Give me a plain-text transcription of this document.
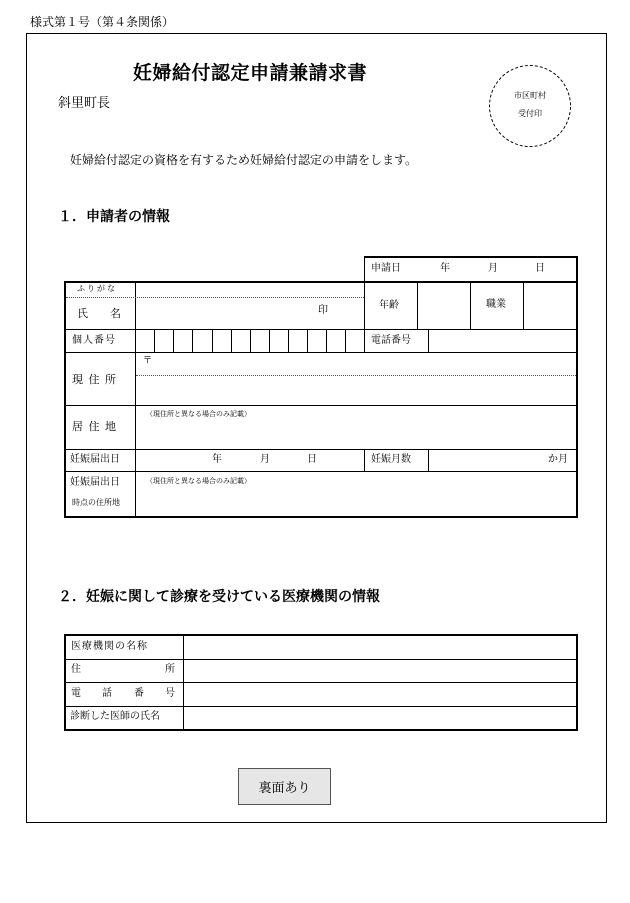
様式第１号（第４条関係）
妊婦給付認定申請兼請求書
斜里町長
市区町村
受付印
妊婦給付認定の資格を有するため妊婦給付認定の申請をします。
１．申請者の情報
申請日	年	月	日
ふりがな
氏　　名	印	年齢	職業
個人番号	電話番号
〒
現 住 所
（現住所と異なる場合のみ記載）
居 住 地
妊娠届出日	年	月	日	妊娠月数	か月
妊娠届出日
時点の住所地
（現住所と異なる場合のみ記載）
２．妊娠に関して診療を受けている医療機関の情報
医療機関の名称
住	所
電 話 番 号
診断した医師の氏名
裏面あり
